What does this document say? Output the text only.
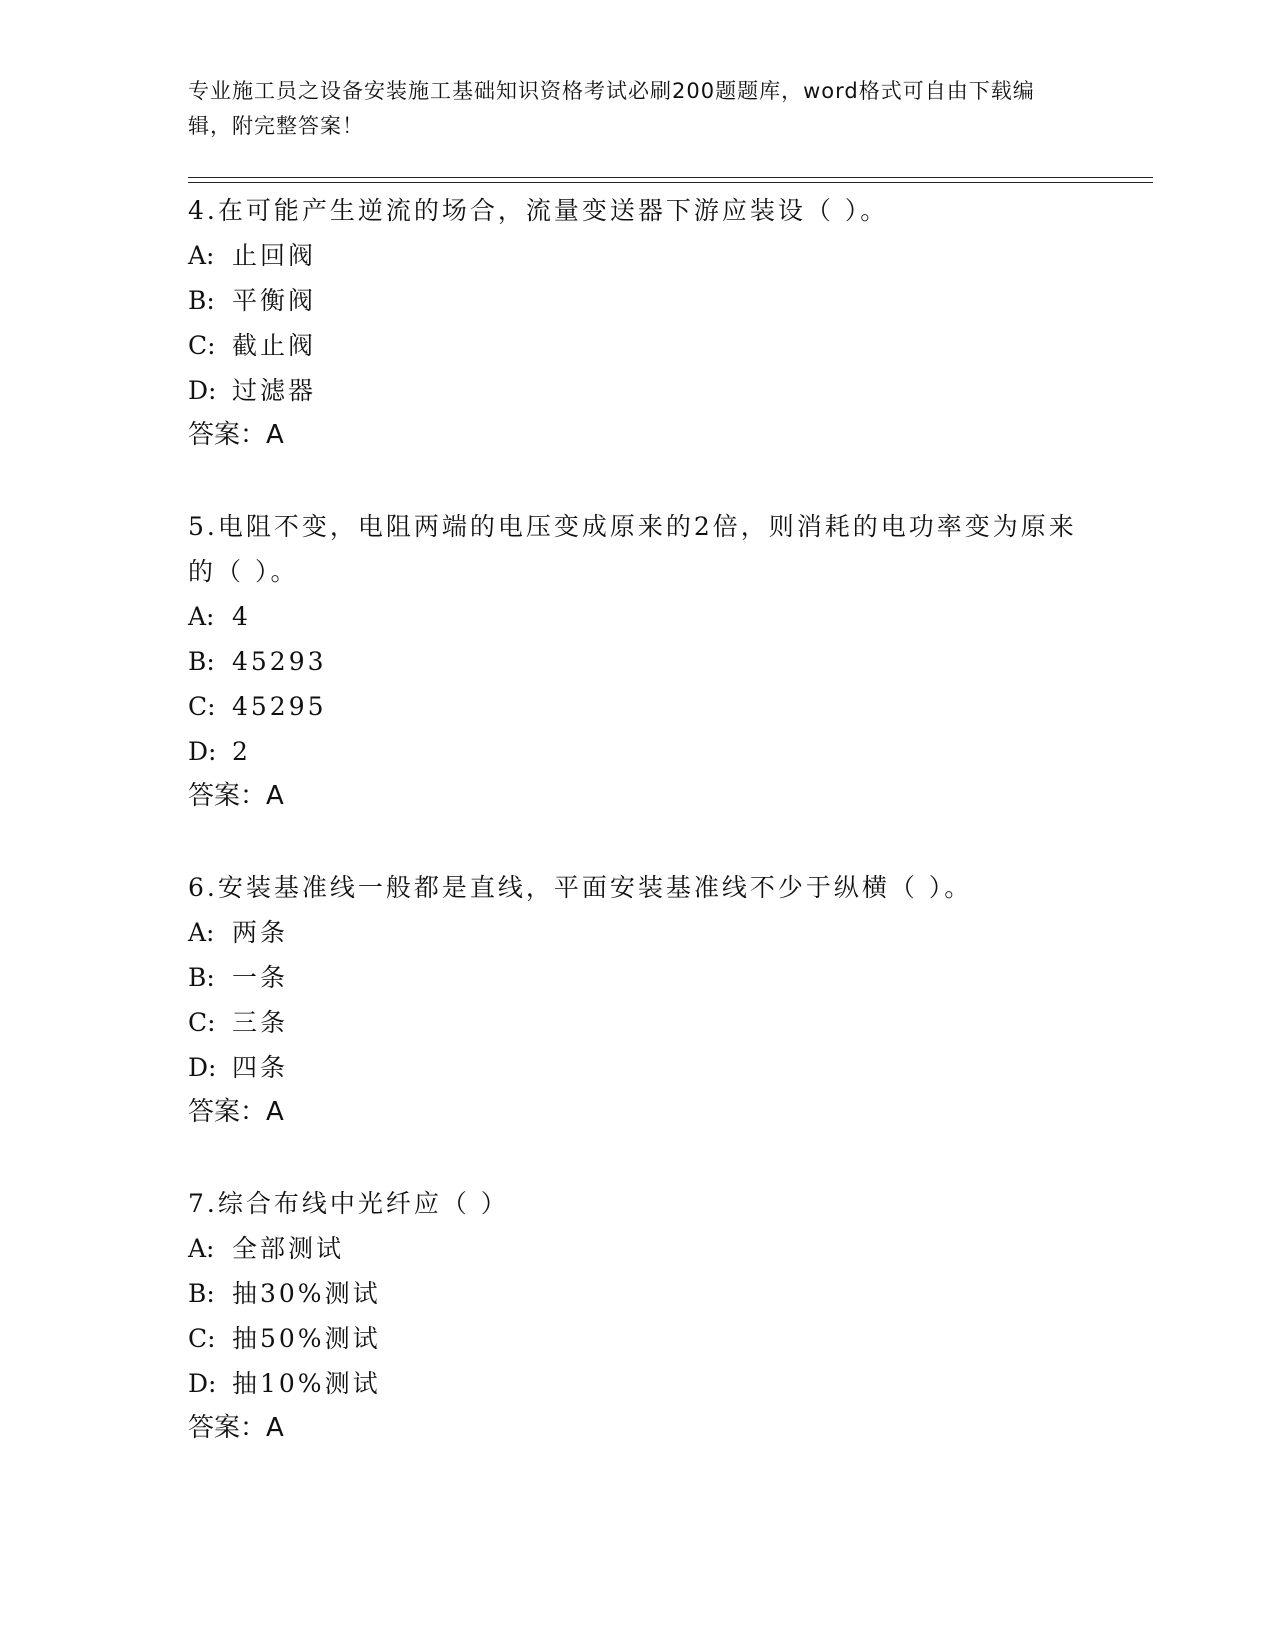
专业施工员之设备安装施工基础知识资格考试必刷200题题库，word格式可自由下载编辑，附完整答案！
4.在可能产生逆流的场合，流量变送器下游应装设（ ）。
A: 止回阀
B: 平衡阀
C: 截止阀
D: 过滤器
答案：A
5.电阻不变，电阻两端的电压变成原来的2倍，则消耗的电功率变为原来的（ ）。
A: 4
B: 45293
C: 45295
D: 2
答案：A
6.安装基准线一般都是直线，平面安装基准线不少于纵横（ ）。
A: 两条
B: 一条
C: 三条
D: 四条
答案：A
7.综合布线中光纤应（ ）
A: 全部测试
B: 抽30%测试
C: 抽50%测试
D: 抽10%测试
答案：A
